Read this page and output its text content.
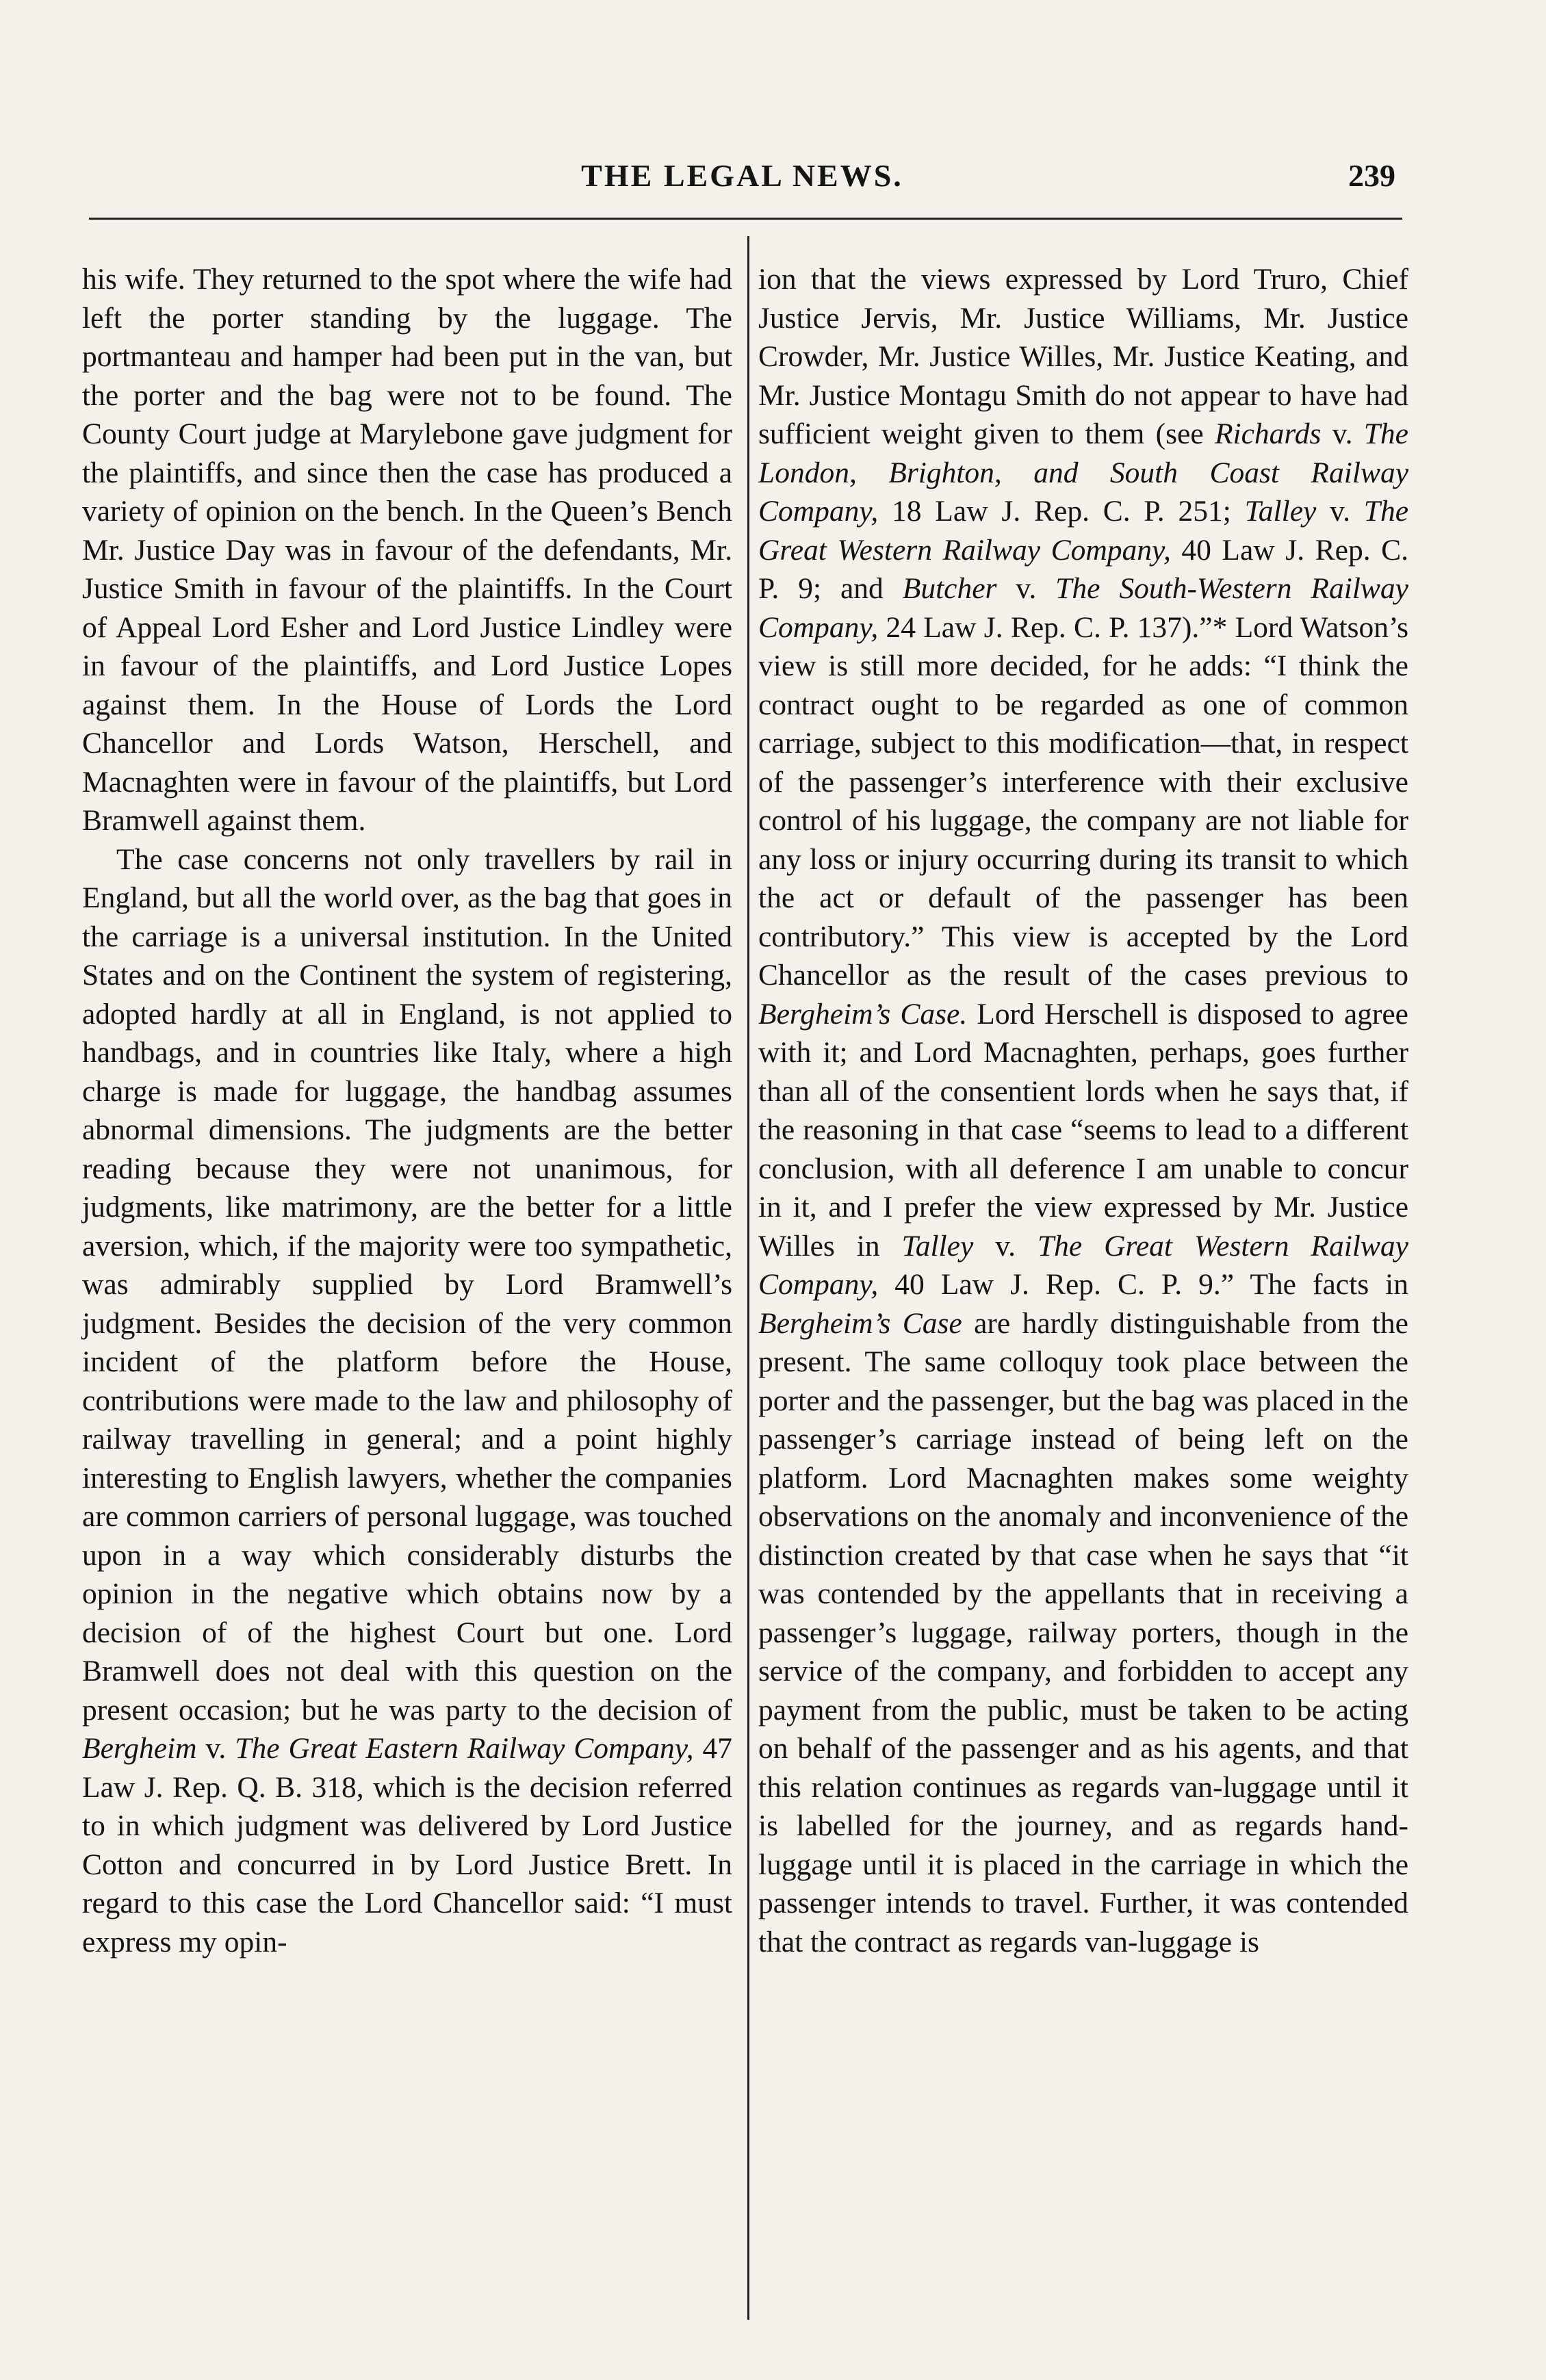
THE LEGAL NEWS.	239

his wife. They returned to the spot where the wife had left the porter standing by the luggage. The portmanteau and hamper had been put in the van, but the porter and the bag were not to be found. The County Court judge at Marylebone gave judgment for the plaintiffs, and since then the case has produced a variety of opinion on the bench. In the Queen’s Bench Mr. Justice Day was in favour of the defendants, Mr. Justice Smith in favour of the plaintiffs. In the Court of Appeal Lord Esher and Lord Justice Lindley were in favour of the plaintiffs, and Lord Justice Lopes against them. In the House of Lords the Lord Chancellor and Lords Watson, Herschell, and Macnaghten were in favour of the plaintiffs, but Lord Bramwell against them.

The case concerns not only travellers by rail in England, but all the world over, as the bag that goes in the carriage is a universal institution. In the United States and on the Continent the system of registering, adopted hardly at all in England, is not applied to handbags, and in countries like Italy, where a high charge is made for luggage, the handbag assumes abnormal dimensions. The judgments are the better reading because they were not unanimous, for judgments, like matrimony, are the better for a little aversion, which, if the majority were too sympathetic, was admirably supplied by Lord Bramwell’s judgment. Besides the decision of the very common incident of the platform before the House, contributions were made to the law and philosophy of railway travelling in general; and a point highly interesting to English lawyers, whether the companies are common carriers of personal luggage, was touched upon in a way which considerably disturbs the opinion in the negative which obtains now by a decision of of the highest Court but one. Lord Bramwell does not deal with this question on the present occasion; but he was party to the decision of Bergheim v. The Great Eastern Railway Company, 47 Law J. Rep. Q. B. 318, which is the decision referred to in which judgment was delivered by Lord Justice Cotton and concurred in by Lord Justice Brett. In regard to this case the Lord Chancellor said: “I must express my opin-

ion that the views expressed by Lord Truro, Chief Justice Jervis, Mr. Justice Williams, Mr. Justice Crowder, Mr. Justice Willes, Mr. Justice Keating, and Mr. Justice Montagu Smith do not appear to have had sufficient weight given to them (see Richards v. The London, Brighton, and South Coast Railway Company, 18 Law J. Rep. C. P. 251; Talley v. The Great Western Railway Company, 40 Law J. Rep. C. P. 9; and Butcher v. The South-Western Railway Company, 24 Law J. Rep. C. P. 137).”* Lord Watson’s view is still more decided, for he adds: “I think the contract ought to be regarded as one of common carriage, subject to this modification—that, in respect of the passenger’s interference with their exclusive control of his luggage, the company are not liable for any loss or injury occurring during its transit to which the act or default of the passenger has been contributory.” This view is accepted by the Lord Chancellor as the result of the cases previous to Bergheim’s Case. Lord Herschell is disposed to agree with it; and Lord Macnaghten, perhaps, goes further than all of the consentient lords when he says that, if the reasoning in that case “seems to lead to a different conclusion, with all deference I am unable to concur in it, and I prefer the view expressed by Mr. Justice Willes in Talley v. The Great Western Railway Company, 40 Law J. Rep. C. P. 9.” The facts in Bergheim’s Case are hardly distinguishable from the present. The same colloquy took place between the porter and the passenger, but the bag was placed in the passenger’s carriage instead of being left on the platform. Lord Macnaghten makes some weighty observations on the anomaly and inconvenience of the distinction created by that case when he says that “it was contended by the appellants that in receiving a passenger’s luggage, railway porters, though in the service of the company, and forbidden to accept any payment from the public, must be taken to be acting on behalf of the passenger and as his agents, and that this relation continues as regards van-luggage until it is labelled for the journey, and as regards hand-luggage until it is placed in the carriage in which the passenger intends to travel. Further, it was contended that the contract as regards van-luggage is
